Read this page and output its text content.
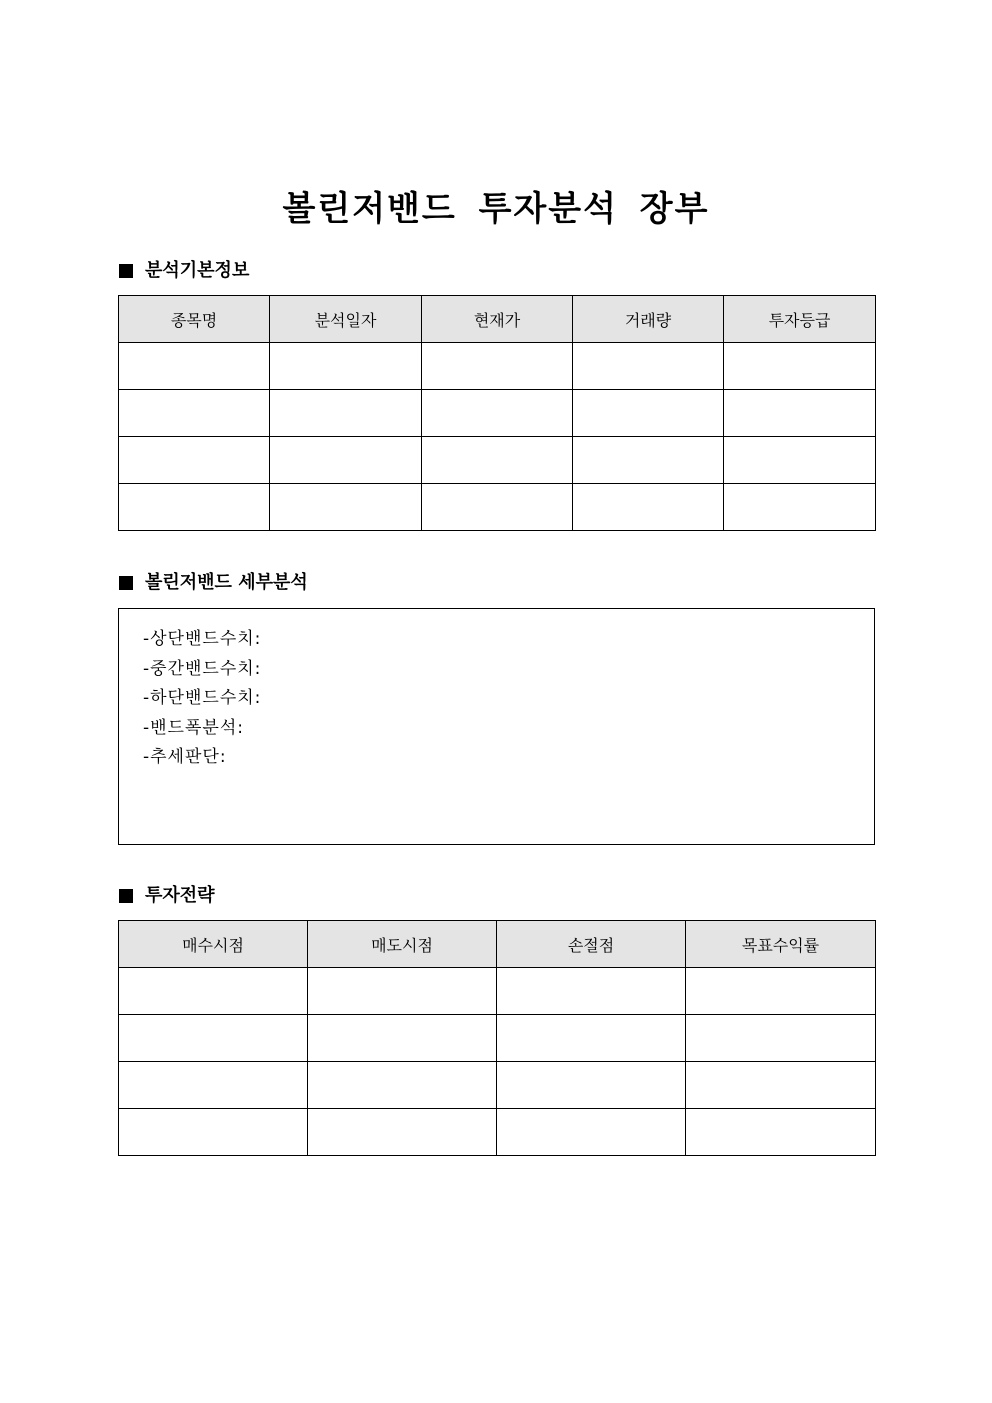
볼린저밴드 투자분석 장부
분석기본정보
종목명	분석일자	현재가	거래량	투자등급

볼린저밴드 세부분석
-상단밴드수치:
-중간밴드수치:
-하단밴드수치:
-밴드폭분석:
-추세판단:
투자전략
매수시점	매도시점	손절점	목표수익률
